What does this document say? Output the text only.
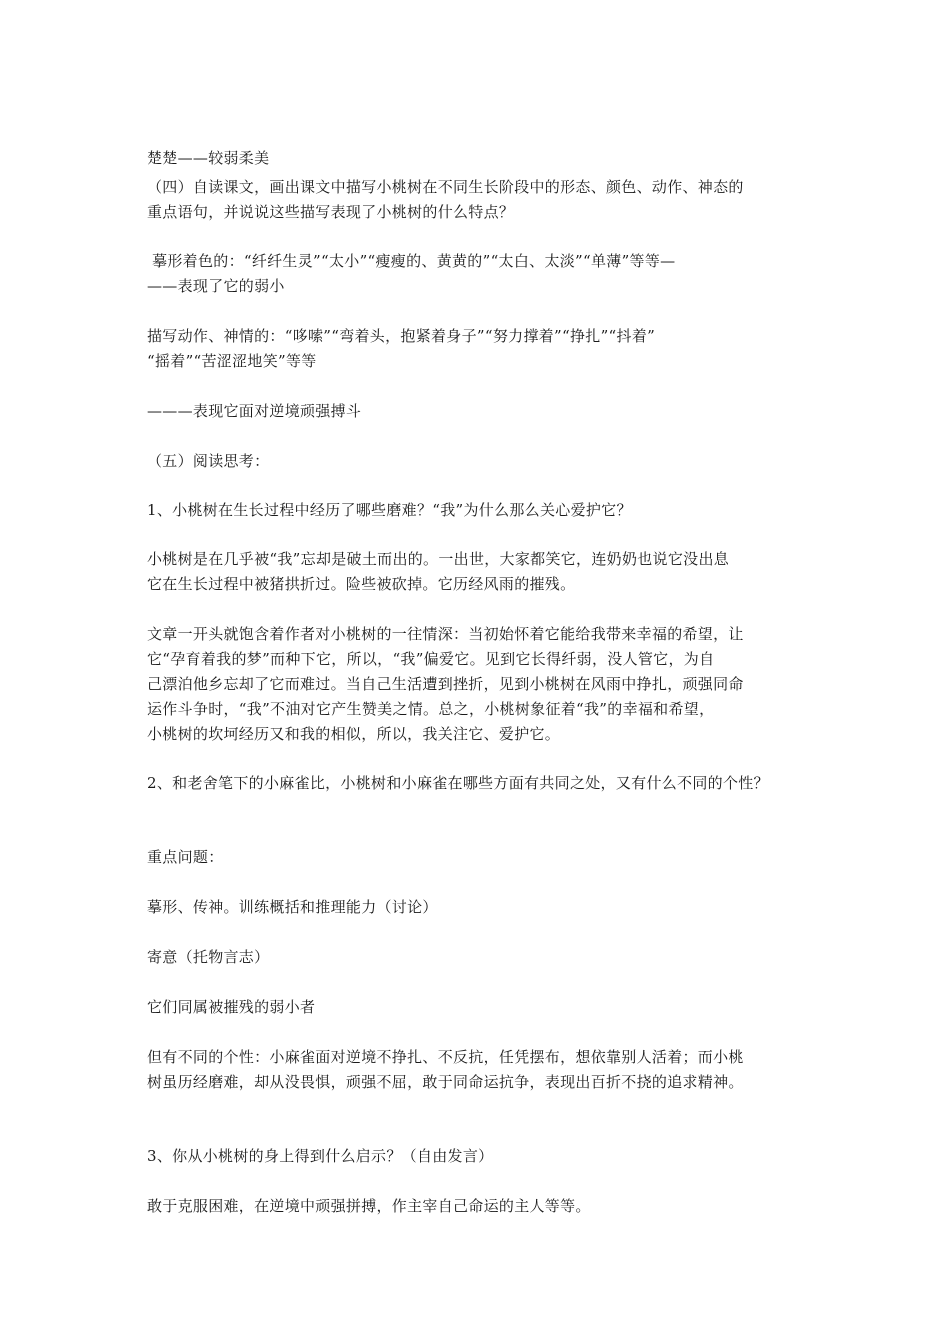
楚楚——较弱柔美
（四）自读课文，画出课文中描写小桃树在不同生长阶段中的形态、颜色、动作、神态的
重点语句，并说说这些描写表现了小桃树的什么特点？
摹形着色的：“纤纤生灵”“太小”“瘦瘦的、黄黄的”“太白、太淡”“单薄”等等—
——表现了它的弱小
描写动作、神情的：“哆嗦”“弯着头，抱紧着身子”“努力撑着”“挣扎”“抖着”
“摇着”“苦涩涩地笑”等等
———表现它面对逆境顽强搏斗
（五）阅读思考：
1、小桃树在生长过程中经历了哪些磨难？“我”为什么那么关心爱护它？
小桃树是在几乎被“我”忘却是破土而出的。一出世，大家都笑它，连奶奶也说它没出息
它在生长过程中被猪拱折过。险些被砍掉。它历经风雨的摧残。
文章一开头就饱含着作者对小桃树的一往情深：当初始怀着它能给我带来幸福的希望，让
它“孕育着我的梦”而种下它，所以，“我”偏爱它。见到它长得纤弱，没人管它，为自
己漂泊他乡忘却了它而难过。当自己生活遭到挫折，见到小桃树在风雨中挣扎，顽强同命
运作斗争时，“我”不油对它产生赞美之情。总之，小桃树象征着“我”的幸福和希望，
小桃树的坎坷经历又和我的相似，所以，我关注它、爱护它。
2、和老舍笔下的小麻雀比，小桃树和小麻雀在哪些方面有共同之处，又有什么不同的个性？
重点问题：
摹形、传神。训练概括和推理能力（讨论）
寄意（托物言志）
它们同属被摧残的弱小者
但有不同的个性：小麻雀面对逆境不挣扎、不反抗，任凭摆布，想依靠别人活着；而小桃
树虽历经磨难，却从没畏惧，顽强不屈，敢于同命运抗争，表现出百折不挠的追求精神。
3、你从小桃树的身上得到什么启示？（自由发言）
敢于克服困难，在逆境中顽强拼搏，作主宰自己命运的主人等等。
